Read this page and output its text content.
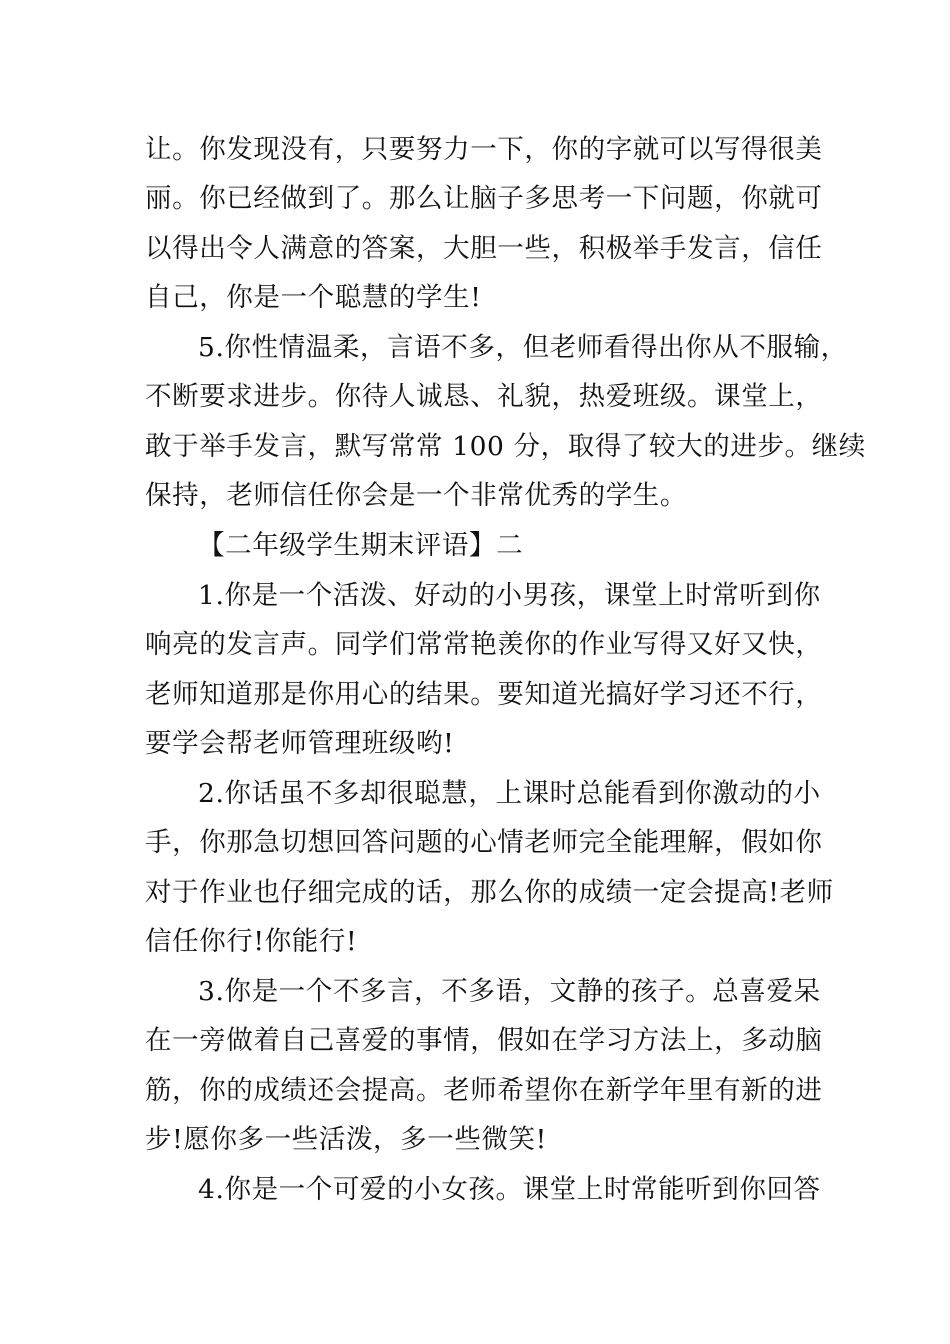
让。你发现没有，只要努力一下，你的字就可以写得很美
丽。你已经做到了。那么让脑子多思考一下问题，你就可
以得出令人满意的答案，大胆一些，积极举手发言，信任
自己，你是一个聪慧的学生!
5.你性情温柔，言语不多，但老师看得出你从不服输，
不断要求进步。你待人诚恳、礼貌，热爱班级。课堂上，
敢于举手发言，默写常常 100 分，取得了较大的进步。继续
保持，老师信任你会是一个非常优秀的学生。
【二年级学生期末评语】二
1.你是一个活泼、好动的小男孩，课堂上时常听到你
响亮的发言声。同学们常常艳羡你的作业写得又好又快，
老师知道那是你用心的结果。要知道光搞好学习还不行，
要学会帮老师管理班级哟!
2.你话虽不多却很聪慧，上课时总能看到你激动的小
手，你那急切想回答问题的心情老师完全能理解，假如你
对于作业也仔细完成的话，那么你的成绩一定会提高!老师
信任你行!你能行!
3.你是一个不多言，不多语，文静的孩子。总喜爱呆
在一旁做着自己喜爱的事情，假如在学习方法上，多动脑
筋，你的成绩还会提高。老师希望你在新学年里有新的进
步!愿你多一些活泼，多一些微笑!
4.你是一个可爱的小女孩。课堂上时常能听到你回答
